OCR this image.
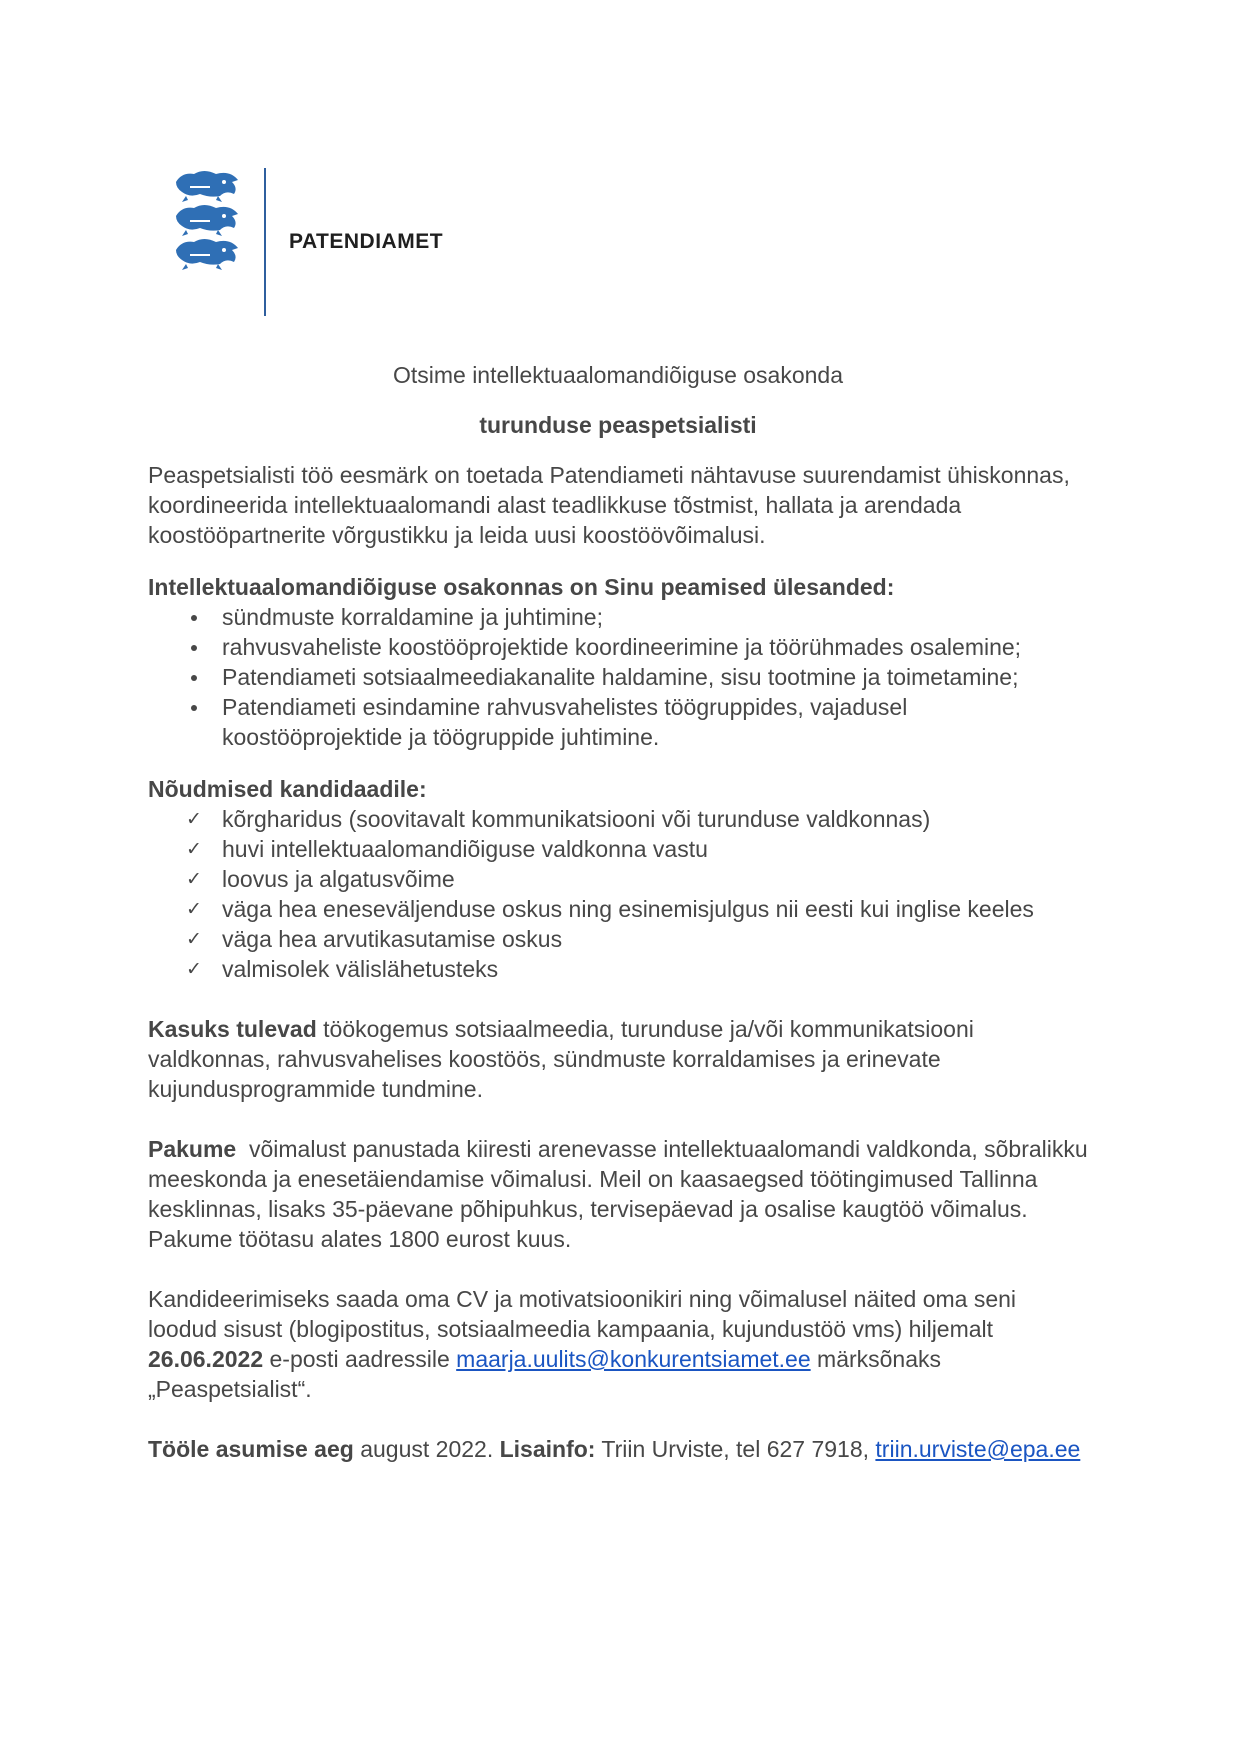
PATENDIAMET

Otsime intellektuaalomandiõiguse osakonda

turunduse peaspetsialisti

Peaspetsialisti töö eesmärk on toetada Patendiameti nähtavuse suurendamist ühiskonnas, koordineerida intellektuaalomandi alast teadlikkuse tõstmist, hallata ja arendada koostööpartnerite võrgustikku ja leida uusi koostöövõimalusi.

Intellektuaalomandiõiguse osakonnas on Sinu peamised ülesanded:

sündmuste korraldamine ja juhtimine;
rahvusvaheliste koostööprojektide koordineerimine ja töörühmades osalemine;
Patendiameti sotsiaalmeediakanalite haldamine, sisu tootmine ja toimetamine;
Patendiameti esindamine rahvusvahelistes töögruppides, vajadusel koostööprojektide ja töögruppide juhtimine.

Nõudmised kandidaadile:

✓ kõrgharidus (soovitavalt kommunikatsiooni või turunduse valdkonnas)
✓ huvi intellektuaalomandiõiguse valdkonna vastu
✓ loovus ja algatusvõime
✓ väga hea eneseväljenduse oskus ning esinemisjulgus nii eesti kui inglise keeles
✓ väga hea arvutikasutamise oskus
✓ valmisolek välislähetusteks

Kasuks tulevad töökogemus sotsiaalmeedia, turunduse ja/või kommunikatsiooni valdkonnas, rahvusvahelises koostöös, sündmuste korraldamises ja erinevate kujundusprogrammide tundmine.

Pakume  võimalust panustada kiiresti arenevasse intellektuaalomandi valdkonda, sõbralikku meeskonda ja enesetäiendamise võimalusi. Meil on kaasaegsed töötingimused Tallinna kesklinnas, lisaks 35-päevane põhipuhkus, tervisepäevad ja osalise kaugtöö võimalus. Pakume töötasu alates 1800 eurost kuus.

Kandideerimiseks saada oma CV ja motivatsioonikiri ning võimalusel näited oma seni loodud sisust (blogipostitus, sotsiaalmeedia kampaania, kujundustöö vms) hiljemalt 26.06.2022 e-posti aadressile maarja.uulits@konkurentsiamet.ee märksõnaks „Peaspetsialist“.

Tööle asumise aeg august 2022. Lisainfo: Triin Urviste, tel 627 7918, triin.urviste@epa.ee
